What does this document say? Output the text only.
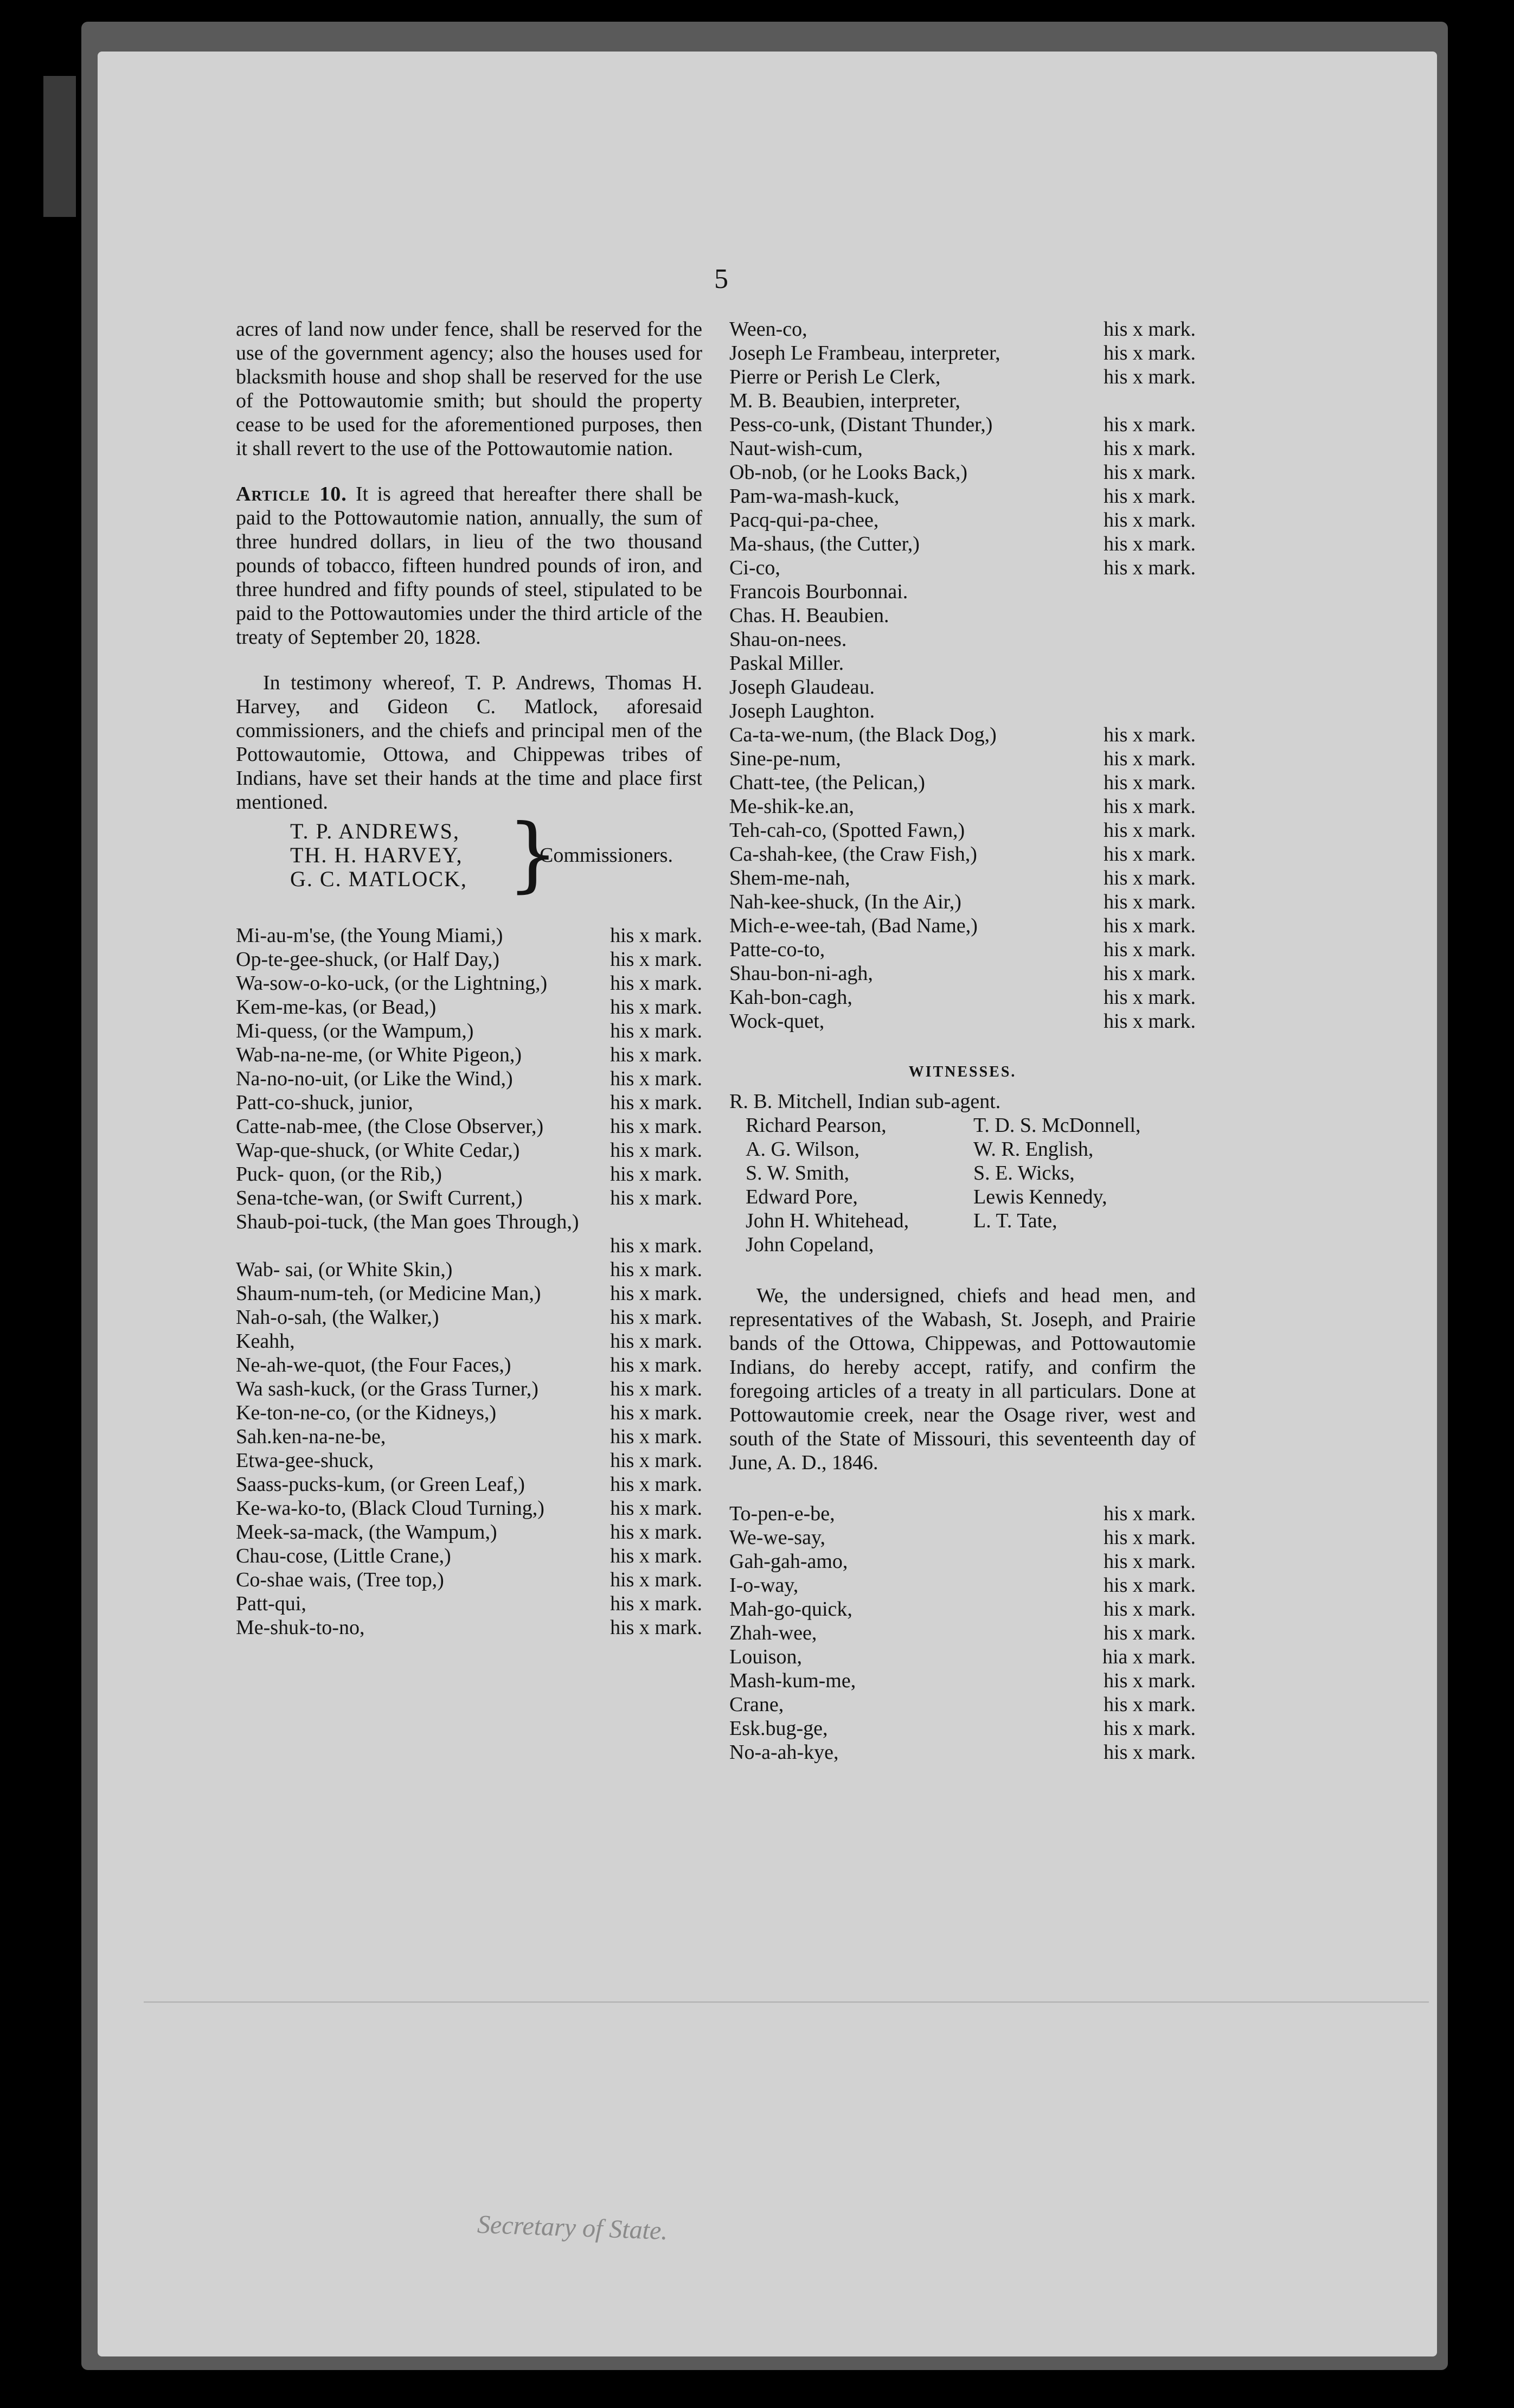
5

acres of land now under fence, shall be reserved for the use of the government agency; also the houses used for blacksmith house and shop shall be reserved for the use of the Pottowautomie smith; but should the property cease to be used for the aforementioned purposes, then it shall revert to the use of the Pottowautomie nation.

Article 10. It is agreed that hereafter there shall be paid to the Pottowautomie nation, annually, the sum of three hundred dollars, in lieu of the two thousand pounds of tobacco, fifteen hundred pounds of iron, and three hundred and fifty pounds of steel, stipulated to be paid to the Pottowautomies under the third article of the treaty of September 20, 1828.

In testimony whereof, T. P. Andrews, Thomas H. Harvey, and Gideon C. Matlock, aforesaid commissioners, and the chiefs and principal men of the Pottowautomie, Ottowa, and Chippewas tribes of Indians, have set their hands at the time and place first mentioned.

T. P. ANDREWS,
TH. H. HARVEY,
G. C. MATLOCK, }
Commissioners.
Mi-au-m'se, (the Young Miami,)	his x mark.
Op-te-gee-shuck, (or Half Day,)	his x mark.
Wa-sow-o-ko-uck, (or the Lightning,)	his x mark.
Kem-me-kas, (or Bead,)	his x mark.
Mi-quess, (or the Wampum,)	his x mark.
Wab-na-ne-me, (or White Pigeon,)	his x mark.
Na-no-no-uit, (or Like the Wind,)	his x mark.
Patt-co-shuck, junior,	his x mark.
Catte-nab-mee, (the Close Observer,)	his x mark.
Wap-que-shuck, (or White Cedar,)	his x mark.
Puck- quon, (or the Rib,)	his x mark.
Sena-tche-wan, (or Swift Current,)	his x mark.
Shaub-poi-tuck, (the Man goes Through,)
his x mark.
Wab- sai, (or White Skin,)	his x mark.
Shaum-num-teh, (or Medicine Man,)	his x mark.
Nah-o-sah, (the Walker,)	his x mark.
Keahh,	his x mark.
Ne-ah-we-quot, (the Four Faces,)	his x mark.
Wa sash-kuck, (or the Grass Turner,)	his x mark.
Ke-ton-ne-co, (or the Kidneys,)	his x mark.
Sah.ken-na-ne-be,	his x mark.
Etwa-gee-shuck,	his x mark.
Saass-pucks-kum, (or Green Leaf,)	his x mark.
Ke-wa-ko-to, (Black Cloud Turning,)	his x mark.
Meek-sa-mack, (the Wampum,)	his x mark.
Chau-cose, (Little Crane,)	his x mark.
Co-shae wais, (Tree top,)	his x mark.
Patt-qui,	his x mark.
Me-shuk-to-no,	his x mark.
Ween-co,	his x mark.
Joseph Le Frambeau, interpreter,	his x mark.
Pierre or Perish Le Clerk,	his x mark.
M. B. Beaubien, interpreter,
Pess-co-unk, (Distant Thunder,)	his x mark.
Naut-wish-cum,	his x mark.
Ob-nob, (or he Looks Back,)	his x mark.
Pam-wa-mash-kuck,	his x mark.
Pacq-qui-pa-chee,	his x mark.
Ma-shaus, (the Cutter,)	his x mark.
Ci-co,	his x mark.
Francois Bourbonnai.
Chas. H. Beaubien.
Shau-on-nees.
Paskal Miller.
Joseph Glaudeau.
Joseph Laughton.
Ca-ta-we-num, (the Black Dog,)	his x mark.
Sine-pe-num,	his x mark.
Chatt-tee, (the Pelican,)	his x mark.
Me-shik-ke.an,	his x mark.
Teh-cah-co, (Spotted Fawn,)	his x mark.
Ca-shah-kee, (the Craw Fish,)	his x mark.
Shem-me-nah,	his x mark.
Nah-kee-shuck, (In the Air,)	his x mark.
Mich-e-wee-tah, (Bad Name,)	his x mark.
Patte-co-to,	his x mark.
Shau-bon-ni-agh,	his x mark.
Kah-bon-cagh,	his x mark.
Wock-quet,	his x mark.
WITNESSES.
R. B. Mitchell, Indian sub-agent.
Richard Pearson,	T. D. S. McDonnell,
A. G. Wilson,	W. R. English,
S. W. Smith,	S. E. Wicks,
Edward Pore,	Lewis Kennedy,
John H. Whitehead,	L. T. Tate,
John Copeland,

We, the undersigned, chiefs and head men, and representatives of the Wabash, St. Joseph, and Prairie bands of the Ottowa, Chippewas, and Pottowautomie Indians, do hereby accept, ratify, and confirm the foregoing articles of a treaty in all particulars. Done at Pottowautomie creek, near the Osage river, west and south of the State of Missouri, this seventeenth day of June, A. D., 1846.

To-pen-e-be,	his x mark.
We-we-say,	his x mark.
Gah-gah-amo,	his x mark.
I-o-way,	his x mark.
Mah-go-quick,	his x mark.
Zhah-wee,	his x mark.
Louison,	hia x mark.
Mash-kum-me,	his x mark.
Crane,	his x mark.
Esk.bug-ge,	his x mark.
No-a-ah-kye,	his x mark.
Secretary of State.
